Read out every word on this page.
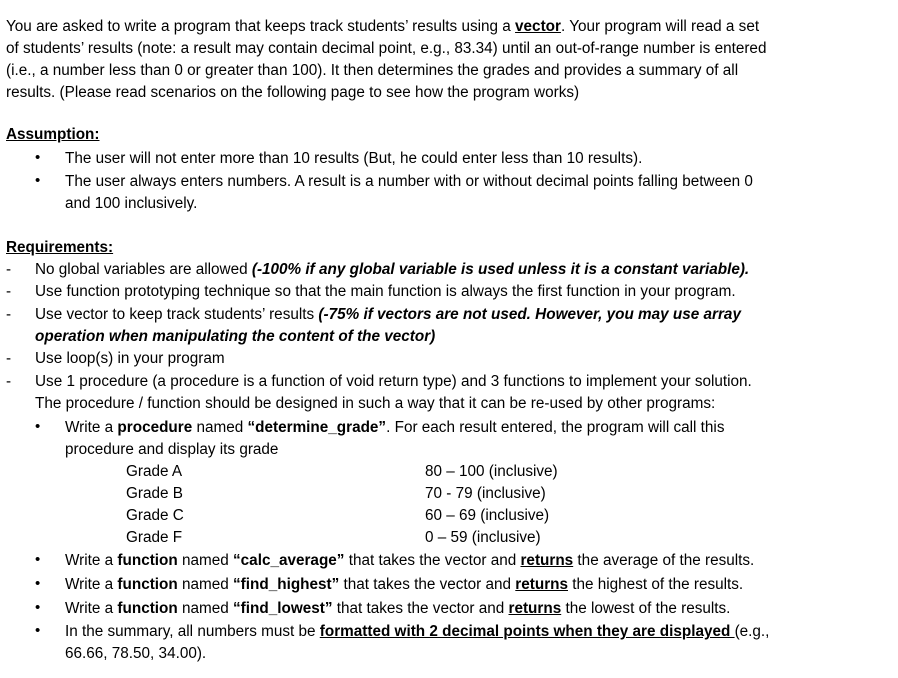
You are asked to write a program that keeps track students’ results using a vector. Your program will read a set
of students’ results (note: a result may contain decimal point, e.g., 83.34) until an out-of-range number is entered
(i.e., a number less than 0 or greater than 100). It then determines the grades and provides a summary of all
results. (Please read scenarios on the following page to see how the program works)
Assumption:
• The user will not enter more than 10 results (But, he could enter less than 10 results).
• The user always enters numbers. A result is a number with or without decimal points falling between 0
and 100 inclusively.
Requirements:
- No global variables are allowed (-100% if any global variable is used unless it is a constant variable).
- Use function prototyping technique so that the main function is always the first function in your program.
- Use vector to keep track students’ results (-75% if vectors are not used. However, you may use array
operation when manipulating the content of the vector)
- Use loop(s) in your program
- Use 1 procedure (a procedure is a function of void return type) and 3 functions to implement your solution.
The procedure / function should be designed in such a way that it can be re-used by other programs:
• Write a procedure named “determine_grade”. For each result entered, the program will call this
procedure and display its grade
Grade A	80 – 100 (inclusive)
Grade B	70 - 79 (inclusive)
Grade C	60 – 69 (inclusive)
Grade F	0 – 59 (inclusive)
• Write a function named “calc_average” that takes the vector and returns the average of the results.
• Write a function named “find_highest” that takes the vector and returns the highest of the results.
• Write a function named “find_lowest” that takes the vector and returns the lowest of the results.
• In the summary, all numbers must be formatted with 2 decimal points when they are displayed (e.g.,
66.66, 78.50, 34.00).
